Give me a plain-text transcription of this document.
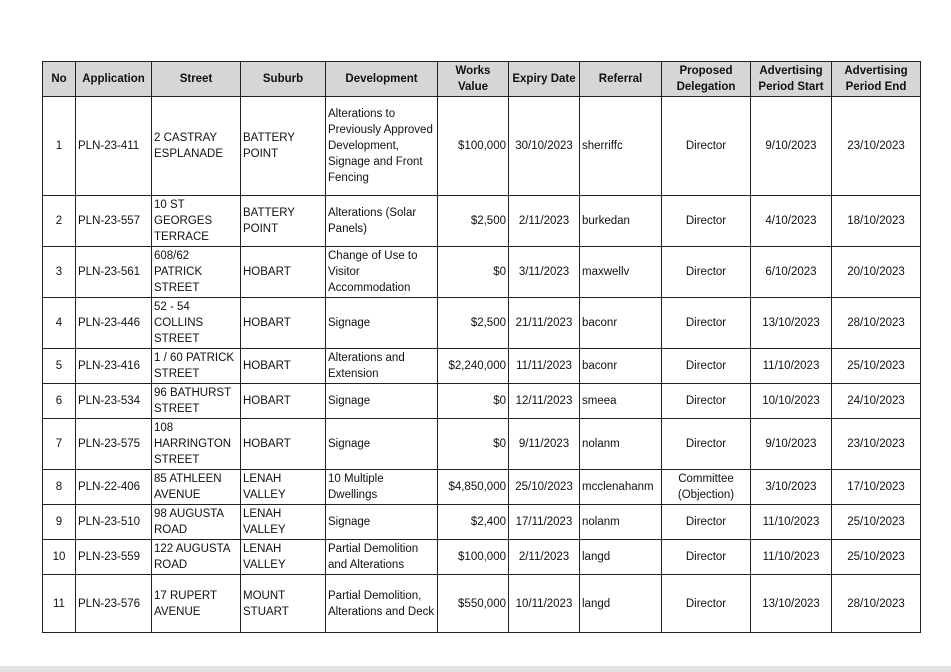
No	Application	Street	Suburb	Development	Works Value	Expiry Date	Referral	Proposed Delegation	Advertising Period Start	Advertising Period End
1	PLN-23-411	2 CASTRAY ESPLANADE	BATTERY POINT	Alterations to Previously Approved Development, Signage and Front Fencing	$100,000	30/10/2023	sherriffc	Director	9/10/2023	23/10/2023
2	PLN-23-557	10 ST GEORGES TERRACE	BATTERY POINT	Alterations (Solar Panels)	$2,500	2/11/2023	burkedan	Director	4/10/2023	18/10/2023
3	PLN-23-561	608/62 PATRICK STREET	HOBART	Change of Use to Visitor Accommodation	$0	3/11/2023	maxwellv	Director	6/10/2023	20/10/2023
4	PLN-23-446	52 - 54 COLLINS STREET	HOBART	Signage	$2,500	21/11/2023	baconr	Director	13/10/2023	28/10/2023
5	PLN-23-416	1 / 60 PATRICK STREET	HOBART	Alterations and Extension	$2,240,000	11/11/2023	baconr	Director	11/10/2023	25/10/2023
6	PLN-23-534	96 BATHURST STREET	HOBART	Signage	$0	12/11/2023	smeea	Director	10/10/2023	24/10/2023
7	PLN-23-575	108 HARRINGTON STREET	HOBART	Signage	$0	9/11/2023	nolanm	Director	9/10/2023	23/10/2023
8	PLN-22-406	85 ATHLEEN AVENUE	LENAH VALLEY	10 Multiple Dwellings	$4,850,000	25/10/2023	mcclenahanm	Committee (Objection)	3/10/2023	17/10/2023
9	PLN-23-510	98 AUGUSTA ROAD	LENAH VALLEY	Signage	$2,400	17/11/2023	nolanm	Director	11/10/2023	25/10/2023
10	PLN-23-559	122 AUGUSTA ROAD	LENAH VALLEY	Partial Demolition and Alterations	$100,000	2/11/2023	langd	Director	11/10/2023	25/10/2023
11	PLN-23-576	17 RUPERT AVENUE	MOUNT STUART	Partial Demolition, Alterations and Deck	$550,000	10/11/2023	langd	Director	13/10/2023	28/10/2023
